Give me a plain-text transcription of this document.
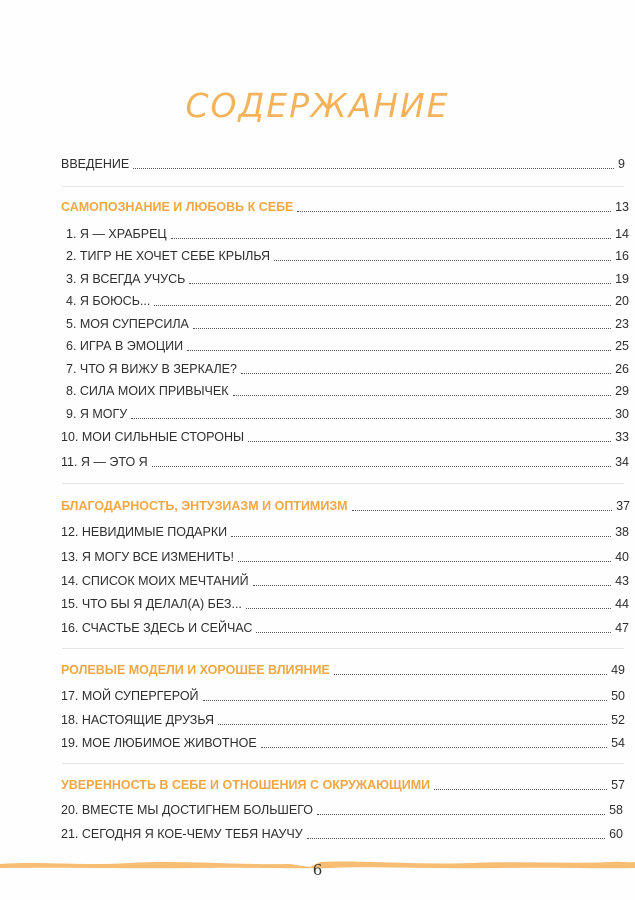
СОДЕРЖАНИЕ
ВВЕДЕНИЕ	9
САМОПОЗНАНИЕ И ЛЮБОВЬ К СЕБЕ	13
1. Я — ХРАБРЕЦ	14
2. ТИГР НЕ ХОЧЕТ СЕБЕ КРЫЛЬЯ	16
3. Я ВСЕГДА УЧУСЬ	19
4. Я БОЮСЬ...	20
5. МОЯ СУПЕРСИЛА	23
6. ИГРА В ЭМОЦИИ	25
7. ЧТО Я ВИЖУ В ЗЕРКАЛЕ?	26
8. СИЛА МОИХ ПРИВЫЧЕК	29
9. Я МОГУ	30
10. МОИ СИЛЬНЫЕ СТОРОНЫ	33
11. Я — ЭТО Я	34
БЛАГОДАРНОСТЬ, ЭНТУЗИАЗМ И ОПТИМИЗМ	37
12. НЕВИДИМЫЕ ПОДАРКИ	38
13. Я МОГУ ВСЕ ИЗМЕНИТЬ!	40
14. СПИСОК МОИХ МЕЧТАНИЙ	43
15. ЧТО БЫ Я ДЕЛАЛ(А) БЕЗ...	44
16. СЧАСТЬЕ ЗДЕСЬ И СЕЙЧАС	47
РОЛЕВЫЕ МОДЕЛИ И ХОРОШЕЕ ВЛИЯНИЕ	49
17. МОЙ СУПЕРГЕРОЙ	50
18. НАСТОЯЩИЕ ДРУЗЬЯ	52
19. МОЕ ЛЮБИМОЕ ЖИВОТНОЕ	54
УВЕРЕННОСТЬ В СЕБЕ И ОТНОШЕНИЯ С ОКРУЖАЮЩИМИ	57
20. ВМЕСТЕ МЫ ДОСТИГНЕМ БОЛЬШЕГО	58
21. СЕГОДНЯ Я КОЕ-ЧЕМУ ТЕБЯ НАУЧУ	60
6
